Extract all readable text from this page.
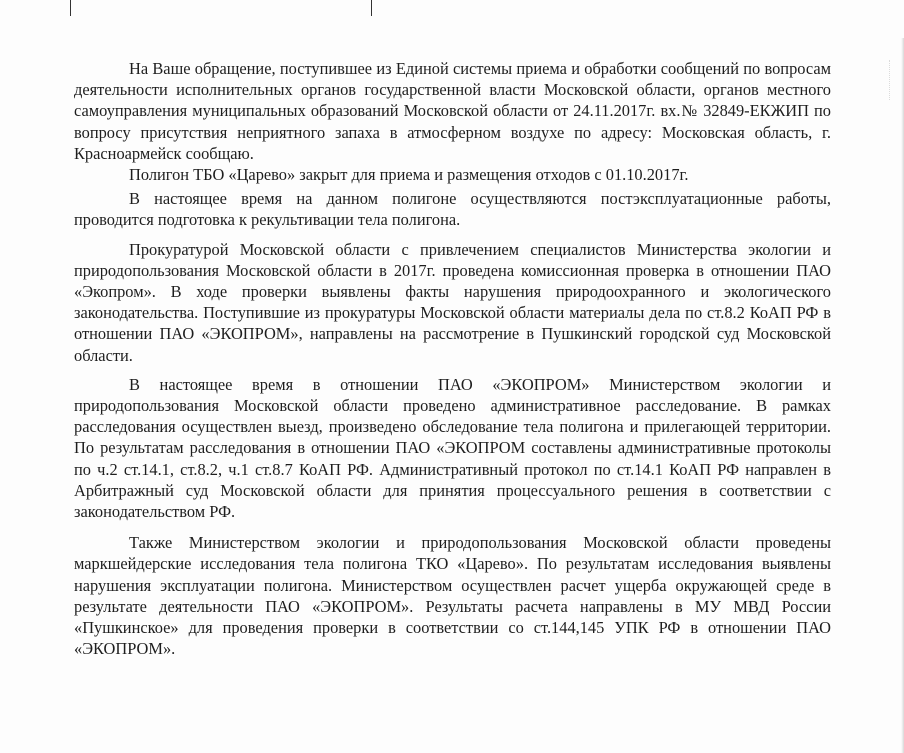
На Ваше обращение, поступившее из Единой системы приема и обработки сообщений по вопросам деятельности исполнительных органов государственной власти Московской области, органов местного самоуправления муниципальных образований Московской области от 24.11.2017г. вх.№ 32849-ЕКЖИП по вопросу присутствия неприятного запаха в атмосферном воздухе по адресу: Московская область, г. Красноармейск сообщаю.

Полигон ТБО «Царево» закрыт для приема и размещения отходов с 01.10.2017г.

В настоящее время на данном полигоне осуществляются постэксплуатационные работы, проводится подготовка к рекультивации тела полигона.

Прокуратурой Московской области с привлечением специалистов Министерства экологии и природопользования Московской области в 2017г. проведена комиссионная проверка в отношении ПАО «Экопром». В ходе проверки выявлены факты нарушения природоохранного и экологического законодательства. Поступившие из прокуратуры Московской области материалы дела по ст.8.2 КоАП РФ в отношении ПАО «ЭКОПРОМ», направлены на рассмотрение в Пушкинский городской суд Московской области.

В настоящее время в отношении ПАО «ЭКОПРОМ» Министерством экологии и природопользования Московской области проведено административное расследование. В рамках расследования осуществлен выезд, произведено обследование тела полигона и прилегающей территории. По результатам расследования в отношении ПАО «ЭКОПРОМ составлены административные протоколы по ч.2 ст.14.1, ст.8.2, ч.1 ст.8.7 КоАП РФ. Административный протокол по ст.14.1 КоАП РФ направлен в Арбитражный суд Московской области для принятия процессуального решения в соответствии с законодательством РФ.

Также Министерством экологии и природопользования Московской области проведены маркшейдерские исследования тела полигона ТКО «Царево». По результатам исследования выявлены нарушения эксплуатации полигона. Министерством осуществлен расчет ущерба окружающей среде в результате деятельности ПАО «ЭКОПРОМ». Результаты расчета направлены в МУ МВД России «Пушкинское» для проведения проверки в соответствии со ст.144,145 УПК РФ в отношении ПАО «ЭКОПРОМ».
